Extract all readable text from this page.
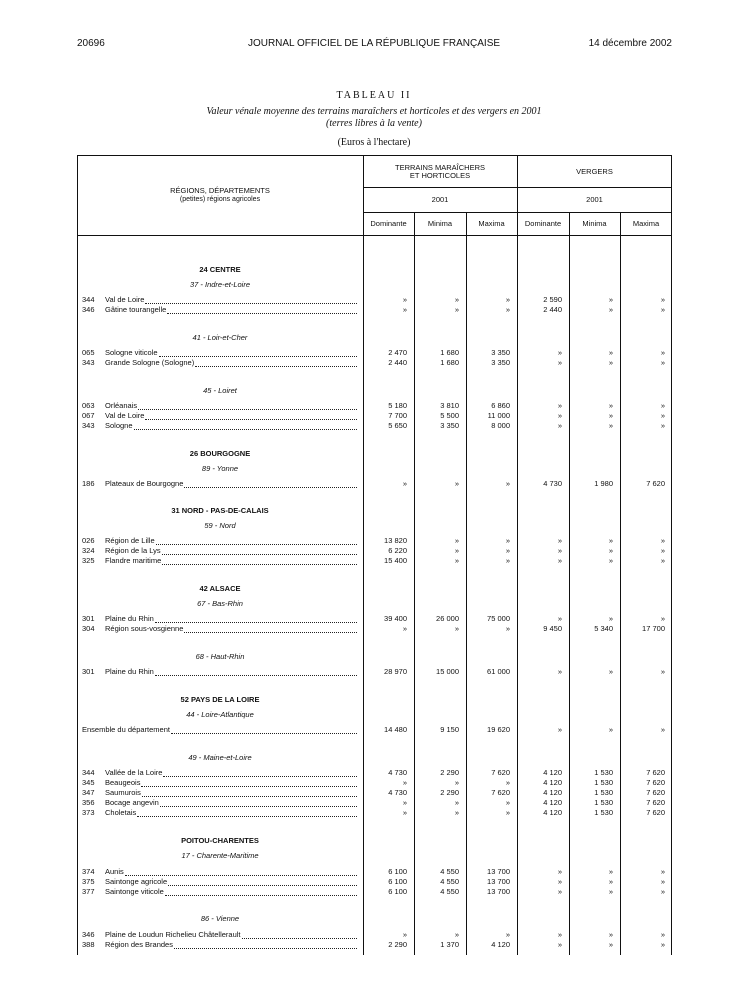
20696	JOURNAL OFFICIEL DE LA RÉPUBLIQUE FRANÇAISE	14 décembre 2002
TABLEAU II
Valeur vénale moyenne des terrains maraîchers et horticoles et des vergers en 2001
(terres libres à la vente)
(Euros à l'hectare)
RÉGIONS, DÉPARTEMENTS
(petites) régions agricoles
TERRAINS MARAÎCHERS
ET HORTICOLES	VERGERS
2001	2001
Dominante	Minima	Maxima	Dominante	Minima	Maxima
24 CENTRE
37 - Indre-et-Loire
344	Val de Loire	»	»	»	2 590	»	»
346	Gâtine tourangelle	»	»	»	2 440	»	»
41 - Loir-et-Cher
065	Sologne viticole	2 470	1 680	3 350	»	»	»
343	Grande Sologne (Sologne)	2 440	1 680	3 350	»	»	»
45 - Loiret
063	Orléanais	5 180	3 810	6 860	»	»	»
067	Val de Loire	7 700	5 500	11 000	»	»	»
343	Sologne	5 650	3 350	8 000	»	»	»
26 BOURGOGNE
89 - Yonne
186	Plateaux de Bourgogne	»	»	»	4 730	1 980	7 620
31 NORD - PAS-DE-CALAIS
59 - Nord
026	Région de Lille	13 820	»	»	»	»	»
324	Région de la Lys	6 220	»	»	»	»	»
325	Flandre maritime	15 400	»	»	»	»	»
42 ALSACE
67 - Bas-Rhin
301	Plaine du Rhin	39 400	26 000	75 000	»	»	»
304	Région sous-vosgienne	»	»	»	9 450	5 340	17 700
68 - Haut-Rhin
301	Plaine du Rhin	28 970	15 000	61 000	»	»	»
52 PAYS DE LA LOIRE
44 - Loire-Atlantique
Ensemble du département	14 480	9 150	19 620	»	»	»
49 - Maine-et-Loire
344	Vallée de la Loire	4 730	2 290	7 620	4 120	1 530	7 620
345	Beaugeois	»	»	»	4 120	1 530	7 620
347	Saumurois	4 730	2 290	7 620	4 120	1 530	7 620
356	Bocage angevin	»	»	»	4 120	1 530	7 620
373	Choletais	»	»	»	4 120	1 530	7 620
POITOU-CHARENTES
17 - Charente-Maritime
374	Aunis	6 100	4 550	13 700	»	»	»
375	Saintonge agricole	6 100	4 550	13 700	»	»	»
377	Saintonge viticole	6 100	4 550	13 700	»	»	»
86 - Vienne
346	Plaine de Loudun Richelieu Châtellerault	»	»	»	»	»	»
388	Région des Brandes	2 290	1 370	4 120	»	»	»
